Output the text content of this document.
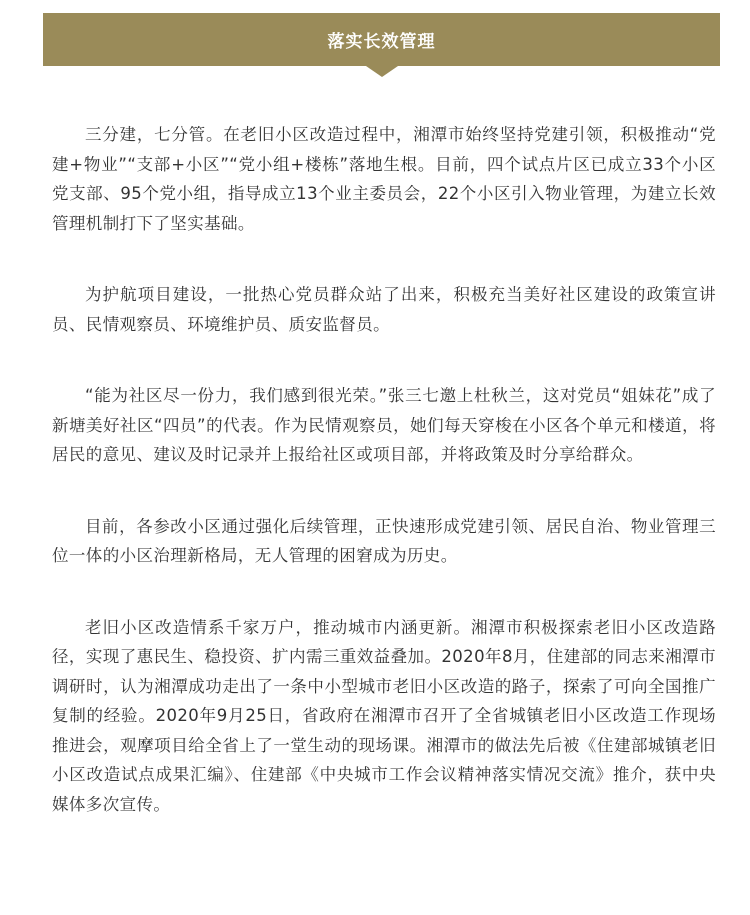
落实长效管理

三分建，七分管。在老旧小区改造过程中，湘潭市始终坚持党建引领，积极推动“党建+物业”“支部+小区”“党小组+楼栋”落地生根。目前，四个试点片区已成立33个小区党支部、95个党小组，指导成立13个业主委员会，22个小区引入物业管理，为建立长效管理机制打下了坚实基础。

为护航项目建设，一批热心党员群众站了出来，积极充当美好社区建设的政策宣讲员、民情观察员、环境维护员、质安监督员。

“能为社区尽一份力，我们感到很光荣。”张三七邀上杜秋兰，这对党员“姐妹花”成了新塘美好社区“四员”的代表。作为民情观察员，她们每天穿梭在小区各个单元和楼道，将居民的意见、建议及时记录并上报给社区或项目部，并将政策及时分享给群众。

目前，各参改小区通过强化后续管理，正快速形成党建引领、居民自治、物业管理三位一体的小区治理新格局，无人管理的困窘成为历史。

老旧小区改造情系千家万户，推动城市内涵更新。湘潭市积极探索老旧小区改造路径，实现了惠民生、稳投资、扩内需三重效益叠加。2020年8月，住建部的同志来湘潭市调研时，认为湘潭成功走出了一条中小型城市老旧小区改造的路子，探索了可向全国推广复制的经验。2020年9月25日，省政府在湘潭市召开了全省城镇老旧小区改造工作现场推进会，观摩项目给全省上了一堂生动的现场课。湘潭市的做法先后被《住建部城镇老旧小区改造试点成果汇编》、住建部《中央城市工作会议精神落实情况交流》推介，获中央媒体多次宣传。
